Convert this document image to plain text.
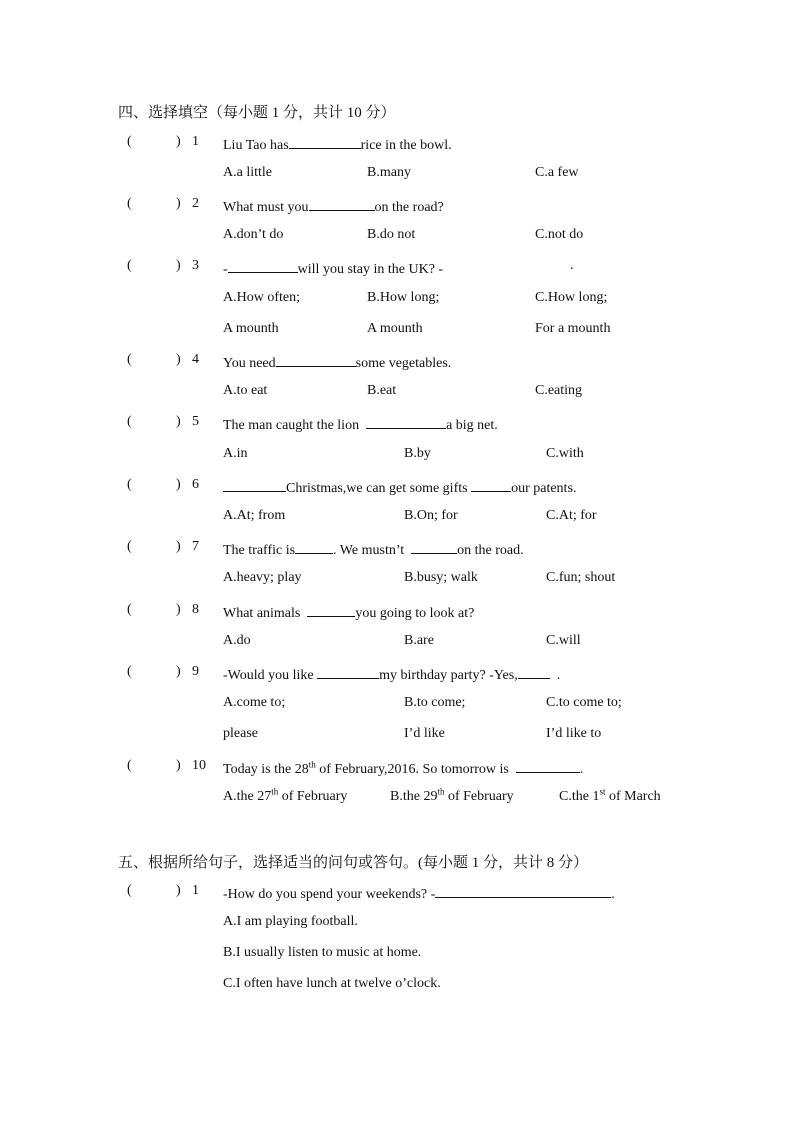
四、选择填空（每小题 1 分，共计 10 分）
(	) 1 Liu Tao has	rice in the bowl.
A.a little	B.many	C.a few
(	) 2 What must you	on the road?
A.don’t do	B.do not	C.not do
(	) 3 -	will you stay in the UK? -	.
A.How often;	B.How long;	C.How long;
A mounth	A mounth	For a mounth
(	) 4 You need	some vegetables.
A.to eat	B.eat	C.eating
(	) 5 The man caught the lion	a big net.
A.in	B.by	C.with
(	) 6	Christmas,we can get some gifts	our patents.
A.At; from	B.On; for	C.At; for
(	) 7 The traffic is	. We mustn’t	on the road.
A.heavy; play	B.busy; walk	C.fun; shout
(	) 8 What animals	you going to look at?
A.do	B.are	C.will
(	) 9 -Would you like	my birthday party? -Yes,	.
A.come to;	B.to come;	C.to come to;
please	I’d like	I’d like to
(	) 10 Today is the 28th of February,2016. So tomorrow is	.
A.the 27th of February	B.the 29th of February	C.the 1st of March
五、根据所给句子，选择适当的问句或答句。(每小题 1 分，共计 8 分）
(	) 1 -How do you spend your weekends? -	.
A.I am playing football.
B.I usually listen to music at home.
C.I often have lunch at twelve o’clock.
